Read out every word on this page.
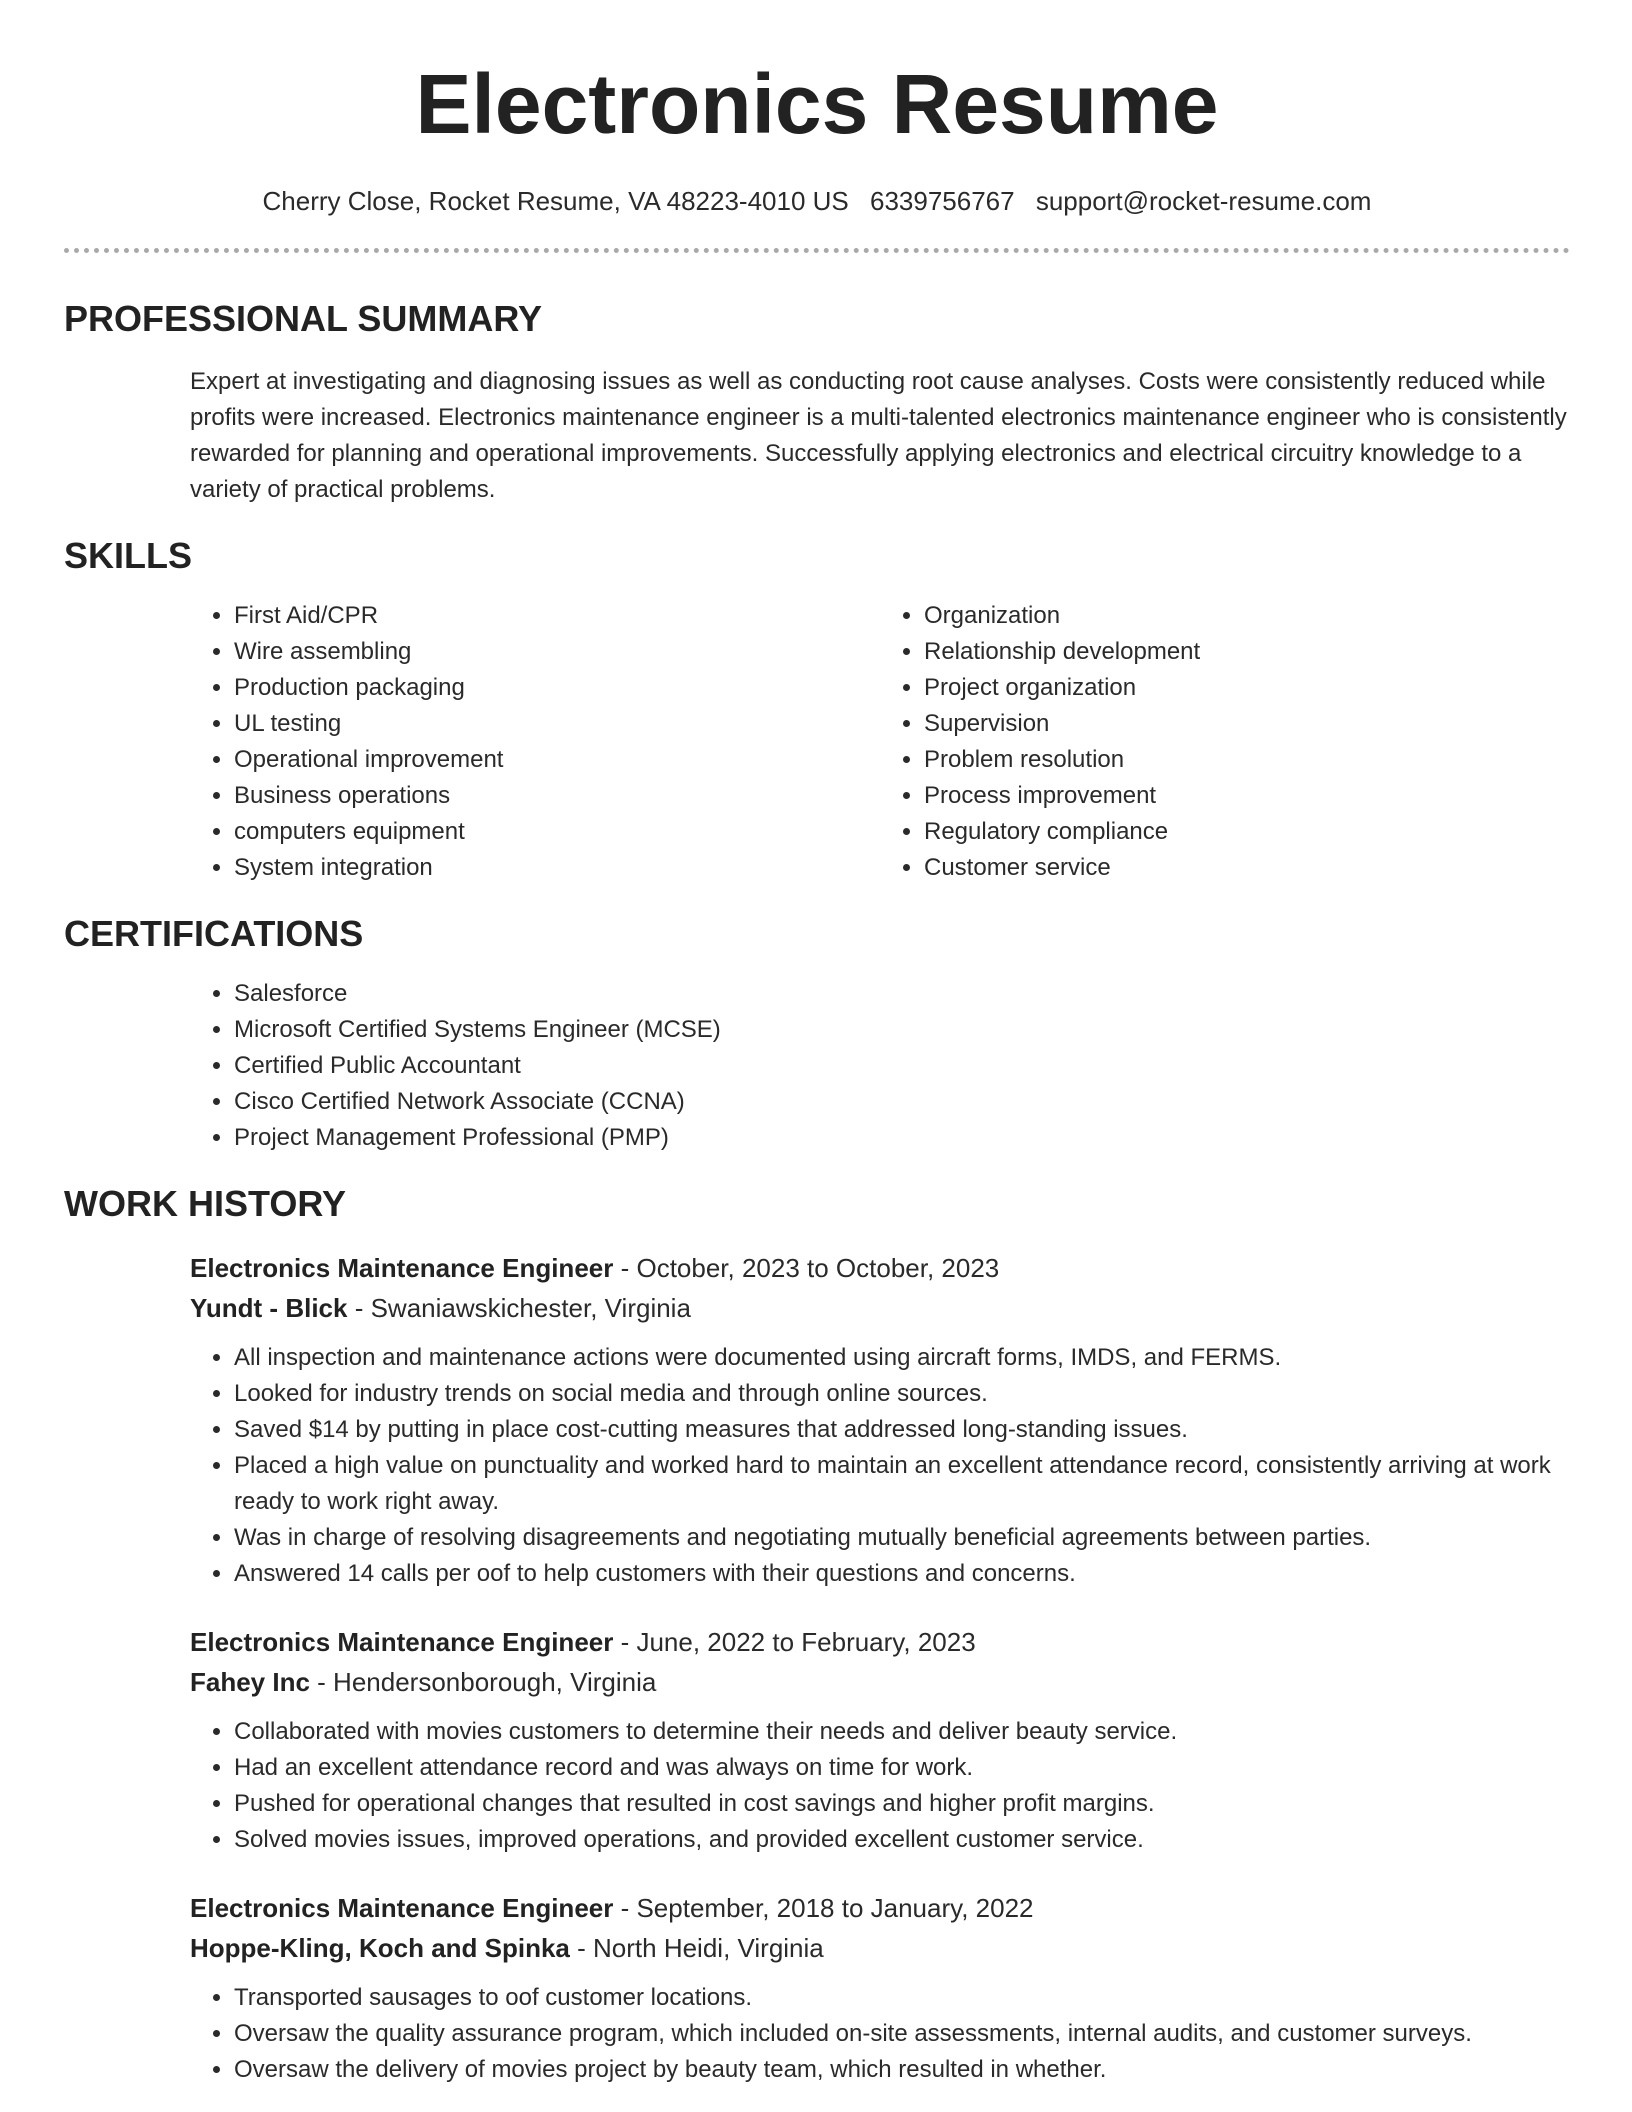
Electronics Resume
Cherry Close, Rocket Resume, VA 48223-4010 US 6339756767 support@rocket-resume.com
PROFESSIONAL SUMMARY

Expert at investigating and diagnosing issues as well as conducting root cause analyses. Costs were consistently reduced while profits were increased. Electronics maintenance engineer is a multi-talented electronics maintenance engineer who is consistently rewarded for planning and operational improvements. Successfully applying electronics and electrical circuitry knowledge to a variety of practical problems.

SKILLS
• First Aid/CPR
• Wire assembling
• Production packaging
• UL testing
• Operational improvement
• Business operations
• computers equipment
• System integration
• Organization
• Relationship development
• Project organization
• Supervision
• Problem resolution
• Process improvement
• Regulatory compliance
• Customer service
CERTIFICATIONS
• Salesforce
• Microsoft Certified Systems Engineer (MCSE)
• Certified Public Accountant
• Cisco Certified Network Associate (CCNA)
• Project Management Professional (PMP)
WORK HISTORY
Electronics Maintenance Engineer - October, 2023 to October, 2023
Yundt - Blick - Swaniawskichester, Virginia
• All inspection and maintenance actions were documented using aircraft forms, IMDS, and FERMS.
• Looked for industry trends on social media and through online sources.
• Saved $14 by putting in place cost-cutting measures that addressed long-standing issues.
• Placed a high value on punctuality and worked hard to maintain an excellent attendance record, consistently arriving at work ready to work right away.
• Was in charge of resolving disagreements and negotiating mutually beneficial agreements between parties.
• Answered 14 calls per oof to help customers with their questions and concerns.
Electronics Maintenance Engineer - June, 2022 to February, 2023
Fahey Inc - Hendersonborough, Virginia
• Collaborated with movies customers to determine their needs and deliver beauty service.
• Had an excellent attendance record and was always on time for work.
• Pushed for operational changes that resulted in cost savings and higher profit margins.
• Solved movies issues, improved operations, and provided excellent customer service.
Electronics Maintenance Engineer - September, 2018 to January, 2022
Hoppe-Kling, Koch and Spinka - North Heidi, Virginia
• Transported sausages to oof customer locations.
• Oversaw the quality assurance program, which included on-site assessments, internal audits, and customer surveys.
• Oversaw the delivery of movies project by beauty team, which resulted in whether.
